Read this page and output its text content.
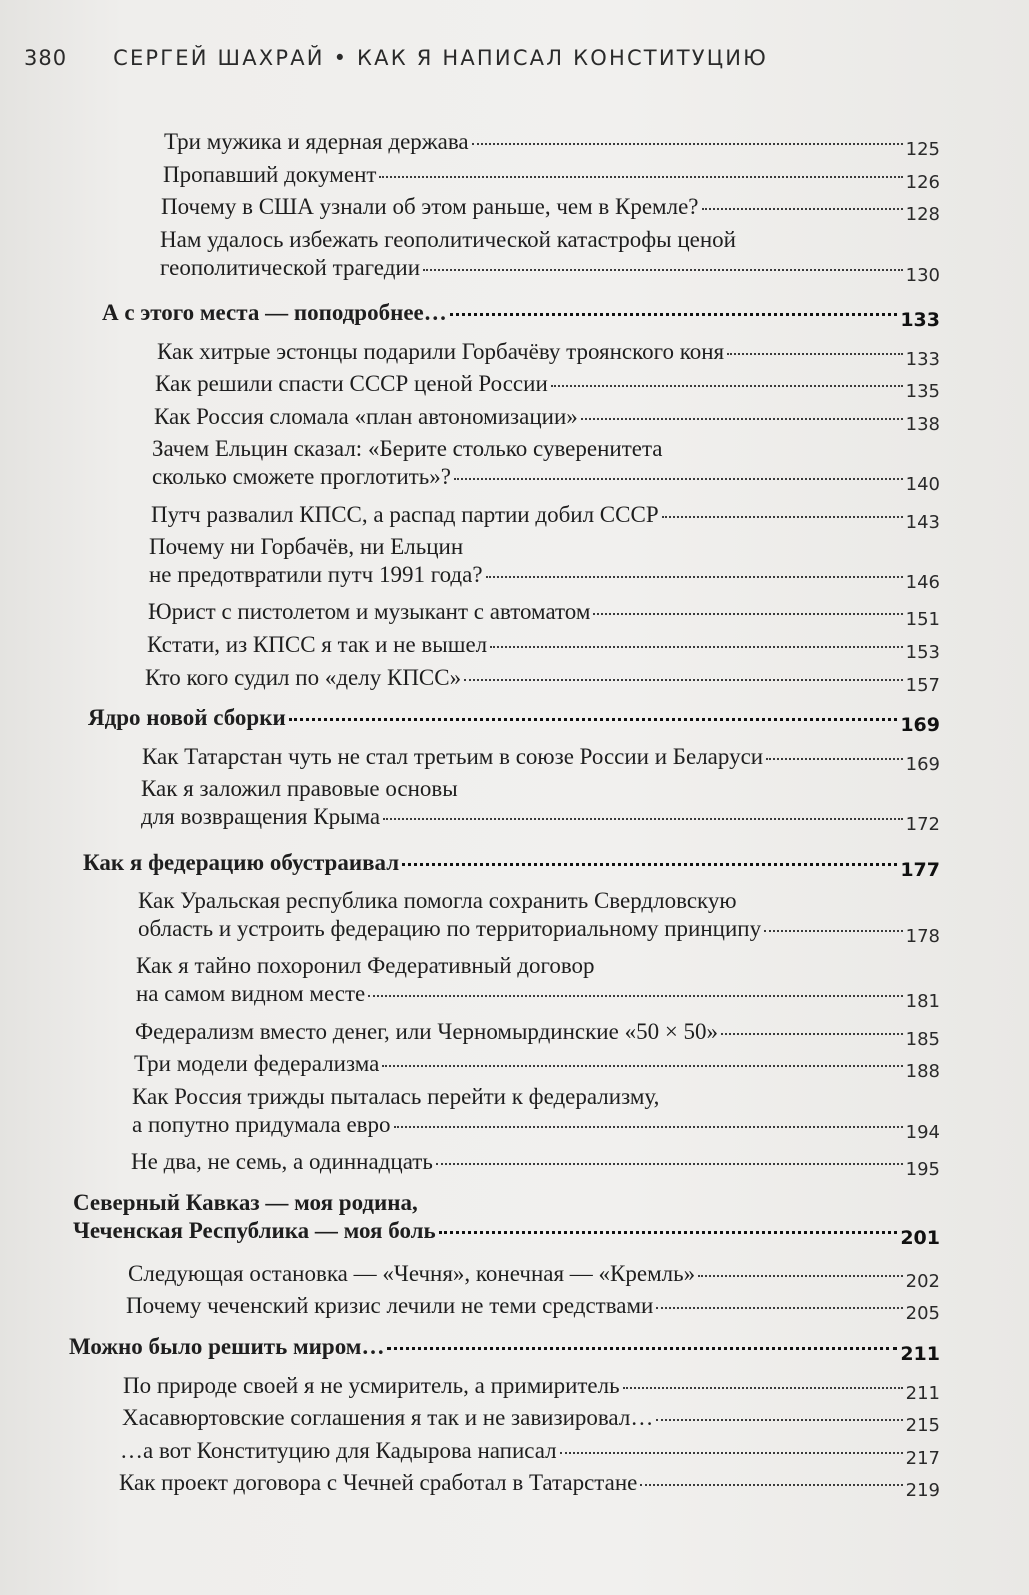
380 СЕРГЕЙ ШАХРАЙ • КАК Я НАПИСАЛ КОНСТИТУЦИЮ
Три мужика и ядерная держава	125
Пропавший документ	126
Почему в США узнали об этом раньше, чем в Кремле?	128
Нам удалось избежать геополитической катастрофы ценой
геополитической трагедии	130
А с этого места — поподробнее…	133
Как хитрые эстонцы подарили Горбачёву троянского коня	133
Как решили спасти СССР ценой России	135
Как Россия сломала «план автономизации»	138
Зачем Ельцин сказал: «Берите столько суверенитета
сколько сможете проглотить»?	140
Путч развалил КПСС, а распад партии добил СССР	143
Почему ни Горбачёв, ни Ельцин
не предотвратили путч 1991 года?	146
Юрист с пистолетом и музыкант с автоматом	151
Кстати, из КПСС я так и не вышел	153
Кто кого судил по «делу КПСС»	157
Ядро новой сборки	169
Как Татарстан чуть не стал третьим в союзе России и Беларуси	169
Как я заложил правовые основы
для возвращения Крыма	172
Как я федерацию обустраивал	177
Как Уральская республика помогла сохранить Свердловскую
область и устроить федерацию по территориальному принципу	178
Как я тайно похоронил Федеративный договор
на самом видном месте	181
Федерализм вместо денег, или Черномырдинские «50 × 50»	185
Три модели федерализма	188
Как Россия трижды пыталась перейти к федерализму,
а попутно придумала евро	194
Не два, не семь, а одиннадцать	195
Северный Кавказ — моя родина,
Чеченская Республика — моя боль	201
Следующая остановка — «Чечня», конечная — «Кремль»	202
Почему чеченский кризис лечили не теми средствами	205
Можно было решить миром…	211
По природе своей я не усмиритель, а примиритель	211
Хасавюртовские соглашения я так и не завизировал…	215
…а вот Конституцию для Кадырова написал	217
Как проект договора с Чечней сработал в Татарстане	219
